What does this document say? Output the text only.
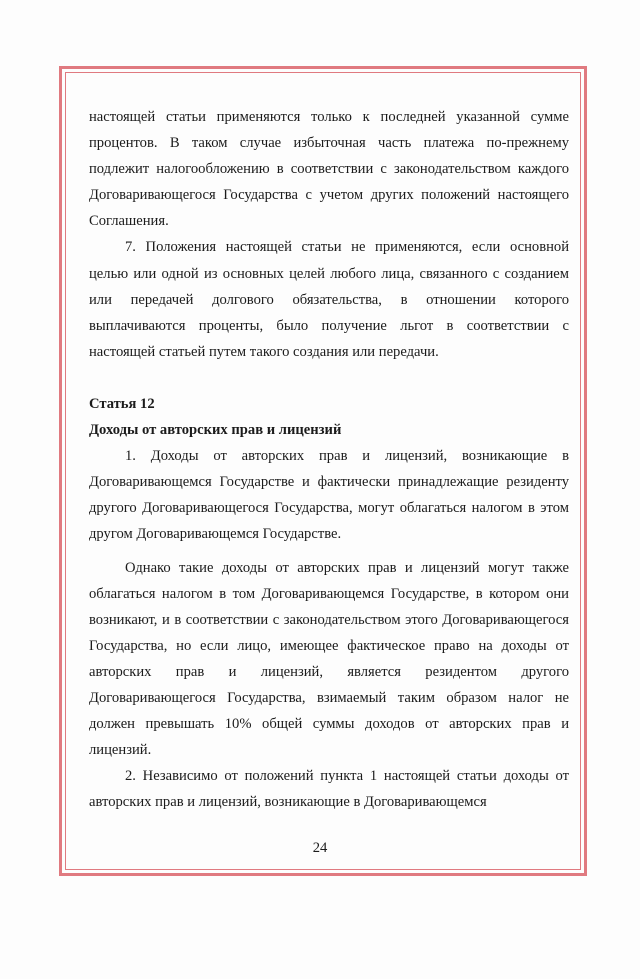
настоящей статьи применяются только к последней указанной сумме процентов. В таком случае избыточная часть платежа по-прежнему подлежит налогообложению в соответствии с законодательством каждого Договаривающегося Государства с учетом других положений настоящего Соглашения.

7. Положения настоящей статьи не применяются, если основной целью или одной из основных целей любого лица, связанного с созданием или передачей долгового обязательства, в отношении которого выплачиваются проценты, было получение льгот в соответствии с настоящей статьей путем такого создания или передачи.

Статья 12

Доходы от авторских прав и лицензий

1. Доходы от авторских прав и лицензий, возникающие в Договаривающемся Государстве и фактически принадлежащие резиденту другого Договаривающегося Государства, могут облагаться налогом в этом другом Договаривающемся Государстве.

Однако такие доходы от авторских прав и лицензий могут также облагаться налогом в том Договаривающемся Государстве, в котором они возникают, и в соответствии с законодательством этого Договаривающегося Государства, но если лицо, имеющее фактическое право на доходы от авторских прав и лицензий, является резидентом другого Договаривающегося Государства, взимаемый таким образом налог не должен превышать 10% общей суммы доходов от авторских прав и лицензий.

2. Независимо от положений пункта 1 настоящей статьи доходы от авторских прав и лицензий, возникающие в Договаривающемся

24
